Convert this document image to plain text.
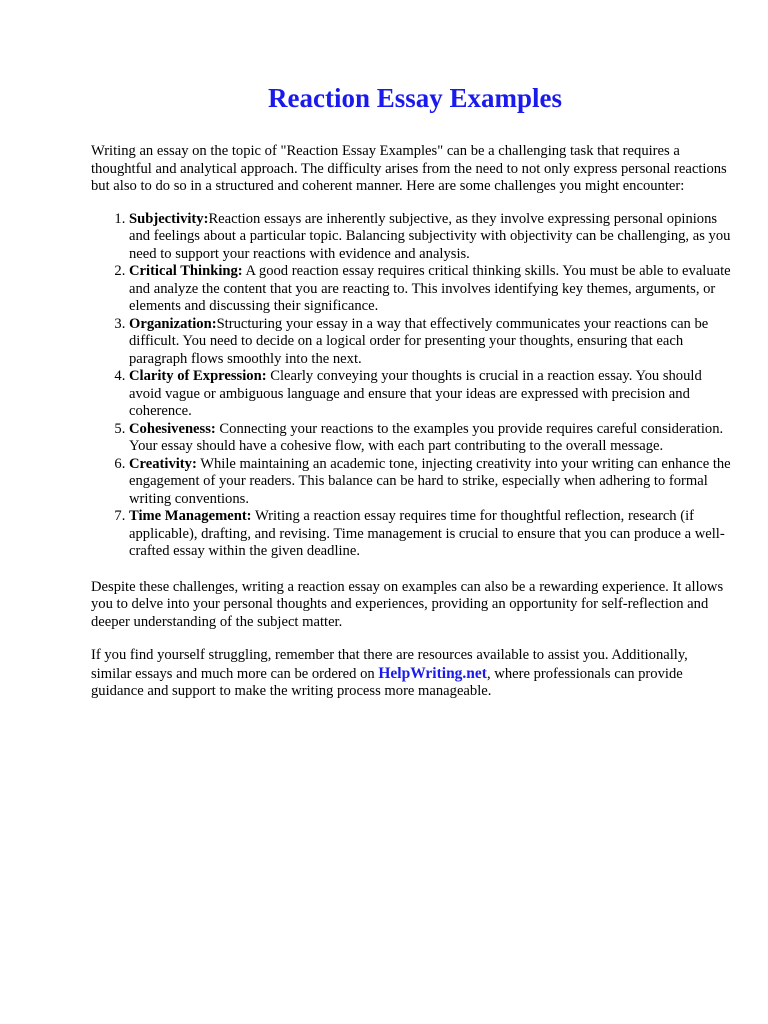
Reaction Essay Examples

Writing an essay on the topic of "Reaction Essay Examples" can be a challenging task that requires a thoughtful and analytical approach. The difficulty arises from the need to not only express personal reactions but also to do so in a structured and coherent manner. Here are some challenges you might encounter:

1. Subjectivity:Reaction essays are inherently subjective, as they involve expressing personal opinions and feelings about a particular topic. Balancing subjectivity with objectivity can be challenging, as you need to support your reactions with evidence and analysis.
2. Critical Thinking: A good reaction essay requires critical thinking skills. You must be able to evaluate and analyze the content that you are reacting to. This involves identifying key themes, arguments, or elements and discussing their significance.
3. Organization:Structuring your essay in a way that effectively communicates your reactions can be difficult. You need to decide on a logical order for presenting your thoughts, ensuring that each paragraph flows smoothly into the next.
4. Clarity of Expression: Clearly conveying your thoughts is crucial in a reaction essay. You should avoid vague or ambiguous language and ensure that your ideas are expressed with precision and coherence.
5. Cohesiveness: Connecting your reactions to the examples you provide requires careful consideration. Your essay should have a cohesive flow, with each part contributing to the overall message.
6. Creativity: While maintaining an academic tone, injecting creativity into your writing can enhance the engagement of your readers. This balance can be hard to strike, especially when adhering to formal writing conventions.
7. Time Management: Writing a reaction essay requires time for thoughtful reflection, research (if applicable), drafting, and revising. Time management is crucial to ensure that you can produce a well-crafted essay within the given deadline.

Despite these challenges, writing a reaction essay on examples can also be a rewarding experience. It allows you to delve into your personal thoughts and experiences, providing an opportunity for self-reflection and deeper understanding of the subject matter.

If you find yourself struggling, remember that there are resources available to assist you. Additionally, similar essays and much more can be ordered on HelpWriting.net, where professionals can provide guidance and support to make the writing process more manageable.
